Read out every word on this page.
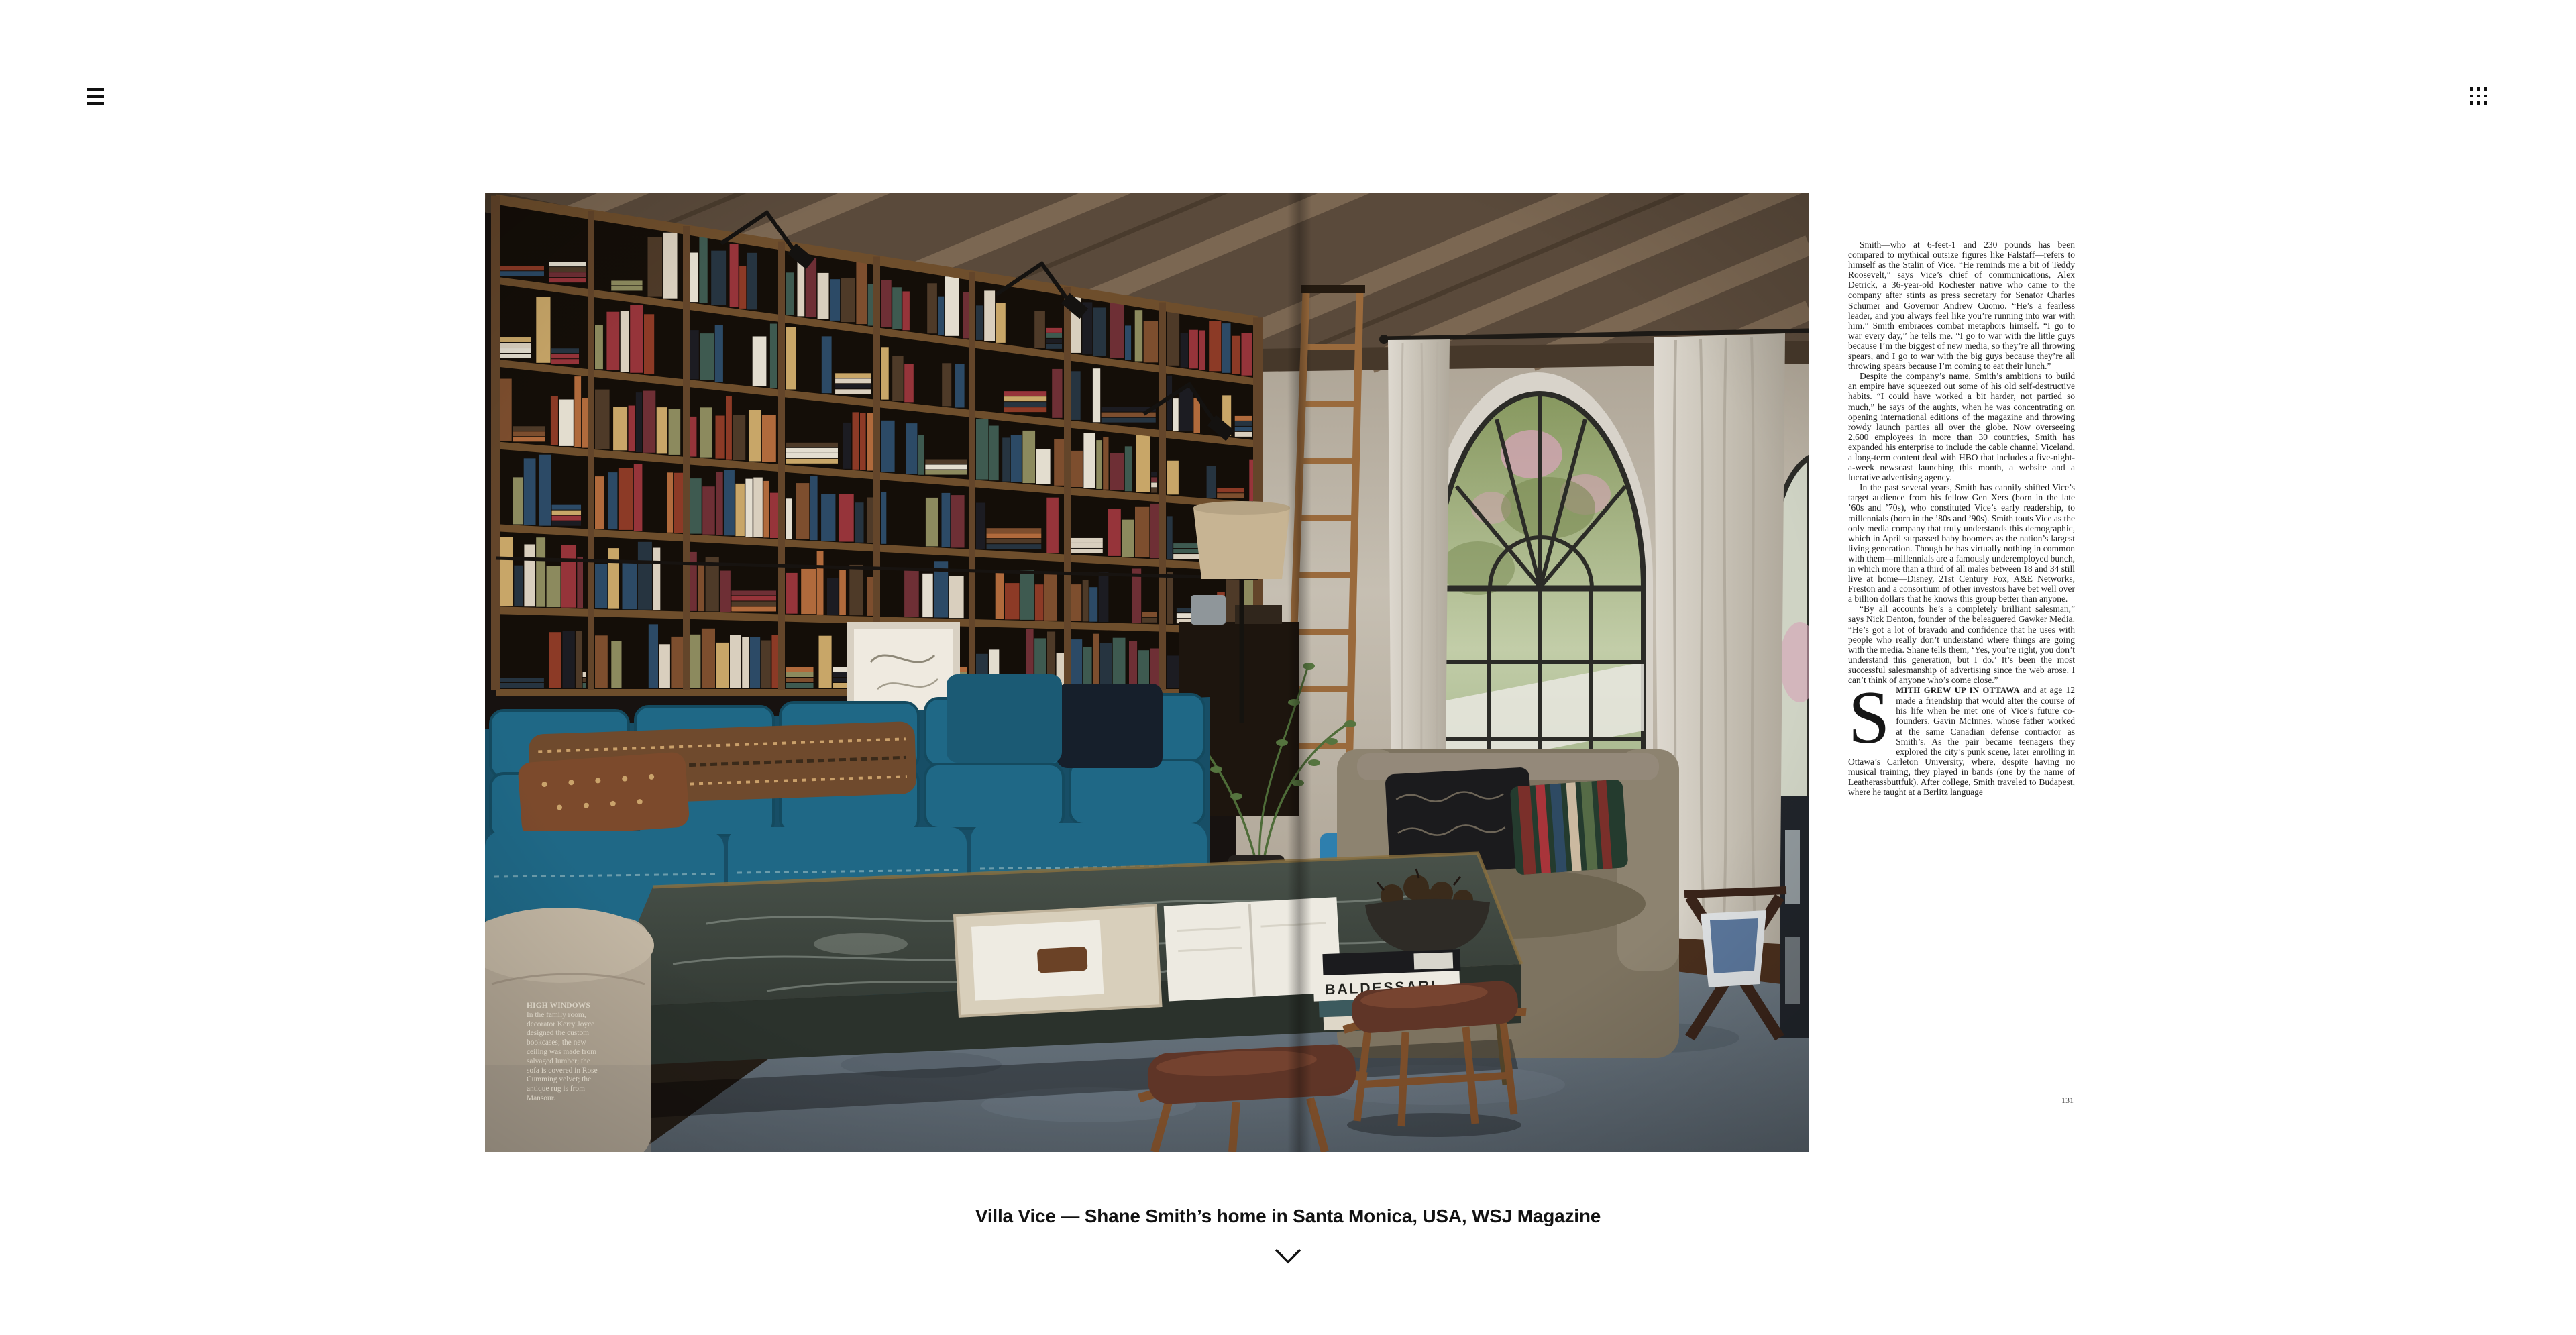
HIGH WINDOWS
In the family room, decorator Kerry Joyce designed the custom bookcases; the new ceiling was made from salvaged lumber; the sofa is covered in Rose Cumming velvet; the antique rug is from Mansour.

Smith—who at 6-feet-1 and 230 pounds has been compared to mythical outsize figures like Falstaff—refers to himself as the Stalin of Vice. “He reminds me a bit of Teddy Roosevelt,” says Vice’s chief of communications, Alex Detrick, a 36-year-old Rochester native who came to the company after stints as press secretary for Senator Charles Schumer and Governor Andrew Cuomo. “He’s a fearless leader, and you always feel like you’re running into war with him.” Smith embraces combat metaphors himself. “I go to war every day,” he tells me. “I go to war with the little guys because I’m the biggest of new media, so they’re all throwing spears, and I go to war with the big guys because they’re all throwing spears because I’m coming to eat their lunch.”

Despite the company’s name, Smith’s ambitions to build an empire have squeezed out some of his old self-destructive habits. “I could have worked a bit harder, not partied so much,” he says of the aughts, when he was concentrating on opening international editions of the magazine and throwing rowdy launch parties all over the globe. Now overseeing 2,600 employees in more than 30 countries, Smith has expanded his enterprise to include the cable channel Viceland, a long-term content deal with HBO that includes a five-night-a-week newscast launching this month, a website and a lucrative advertising agency.

In the past several years, Smith has cannily shifted Vice’s target audience from his fellow Gen Xers (born in the late ’60s and ’70s), who constituted Vice’s early readership, to millennials (born in the ’80s and ’90s). Smith touts Vice as the only media company that truly understands this demographic, which in April surpassed baby boomers as the nation’s largest living generation. Though he has virtually nothing in common with them—millennials are a famously underemployed bunch, in which more than a third of all males between 18 and 34 still live at home—Disney, 21st Century Fox, A&E Networks, Freston and a consortium of other investors have bet well over a billion dollars that he knows this group better than anyone.

“By all accounts he’s a completely brilliant salesman,” says Nick Denton, founder of the beleaguered Gawker Media. “He’s got a lot of bravado and confidence that he uses with people who really don’t understand where things are going with the media. Shane tells them, ‘Yes, you’re right, you don’t understand this generation, but I do.’ It’s been the most successful salesmanship of advertising since the web arose. I can’t think of anyone who’s come close.”

SMITH GREW UP IN OTTAWA and at age 12 made a friendship that would alter the course of his life when he met one of Vice’s future co-founders, Gavin McInnes, whose father worked at the same Canadian defense contractor as Smith’s. As the pair became teenagers they explored the city’s punk scene, later enrolling in Ottawa’s Carleton University, where, despite having no musical training, they played in bands (one by the name of Leatherassbuttfuk). After college, Smith traveled to Budapest, where he taught at a Berlitz language

131
Villa Vice — Shane Smith’s home in Santa Monica, USA, WSJ Magazine
